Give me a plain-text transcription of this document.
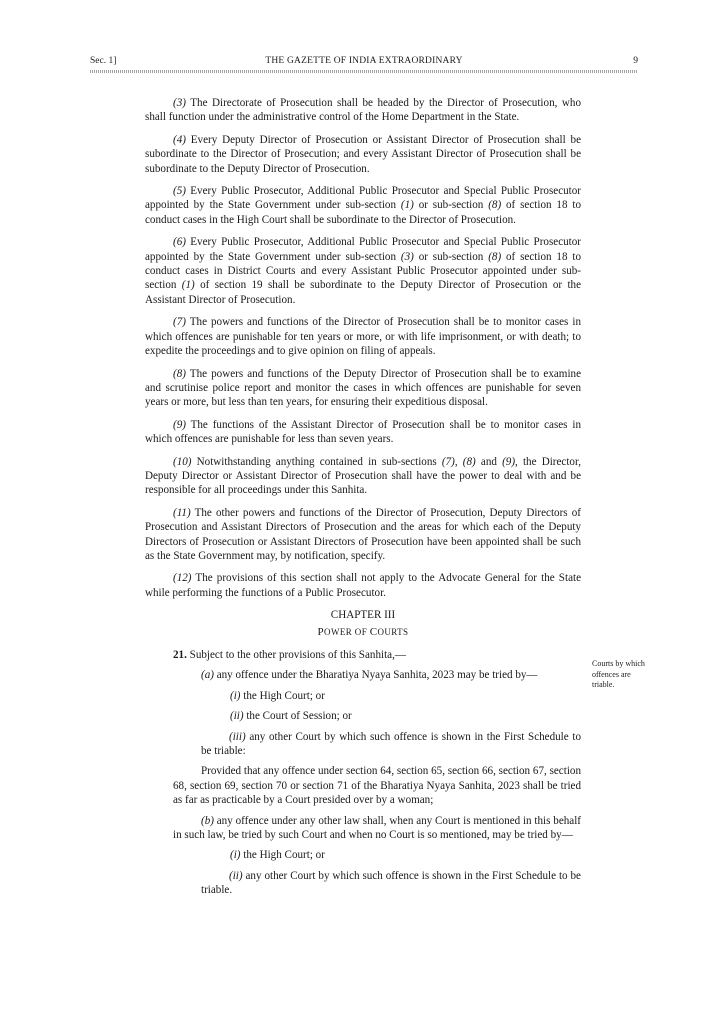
Sec. 1]	THE GAZETTE OF INDIA EXTRAORDINARY	9

(3) The Directorate of Prosecution shall be headed by the Director of Prosecution, who shall function under the administrative control of the Home Department in the State.

(4) Every Deputy Director of Prosecution or Assistant Director of Prosecution shall be subordinate to the Director of Prosecution; and every Assistant Director of Prosecution shall be subordinate to the Deputy Director of Prosecution.

(5) Every Public Prosecutor, Additional Public Prosecutor and Special Public Prosecutor appointed by the State Government under sub-section (1) or sub-section (8) of section 18 to conduct cases in the High Court shall be subordinate to the Director of Prosecution.

(6) Every Public Prosecutor, Additional Public Prosecutor and Special Public Prosecutor appointed by the State Government under sub-section (3) or sub-section (8) of section 18 to conduct cases in District Courts and every Assistant Public Prosecutor appointed under sub-section (1) of section 19 shall be subordinate to the Deputy Director of Prosecution or the Assistant Director of Prosecution.

(7) The powers and functions of the Director of Prosecution shall be to monitor cases in which offences are punishable for ten years or more, or with life imprisonment, or with death; to expedite the proceedings and to give opinion on filing of appeals.

(8) The powers and functions of the Deputy Director of Prosecution shall be to examine and scrutinise police report and monitor the cases in which offences are punishable for seven years or more, but less than ten years, for ensuring their expeditious disposal.

(9) The functions of the Assistant Director of Prosecution shall be to monitor cases in which offences are punishable for less than seven years.

(10) Notwithstanding anything contained in sub-sections (7), (8) and (9), the Director, Deputy Director or Assistant Director of Prosecution shall have the power to deal with and be responsible for all proceedings under this Sanhita.

(11) The other powers and functions of the Director of Prosecution, Deputy Directors of Prosecution and Assistant Directors of Prosecution and the areas for which each of the Deputy Directors of Prosecution or Assistant Directors of Prosecution have been appointed shall be such as the State Government may, by notification, specify.

(12) The provisions of this section shall not apply to the Advocate General for the State while performing the functions of a Public Prosecutor.

CHAPTER III

POWER OF COURTS

21. Subject to the other provisions of this Sanhita,—

(a) any offence under the Bharatiya Nyaya Sanhita, 2023 may be tried by—

(i) the High Court; or

(ii) the Court of Session; or

(iii) any other Court by which such offence is shown in the First Schedule to be triable:

Provided that any offence under section 64, section 65, section 66, section 67, section 68, section 69, section 70 or section 71 of the Bharatiya Nyaya Sanhita, 2023 shall be tried as far as practicable by a Court presided over by a woman;

(b) any offence under any other law shall, when any Court is mentioned in this behalf in such law, be tried by such Court and when no Court is so mentioned, may be tried by—

(i) the High Court; or

(ii) any other Court by which such offence is shown in the First Schedule to be triable.

Courts by which offences are triable.
